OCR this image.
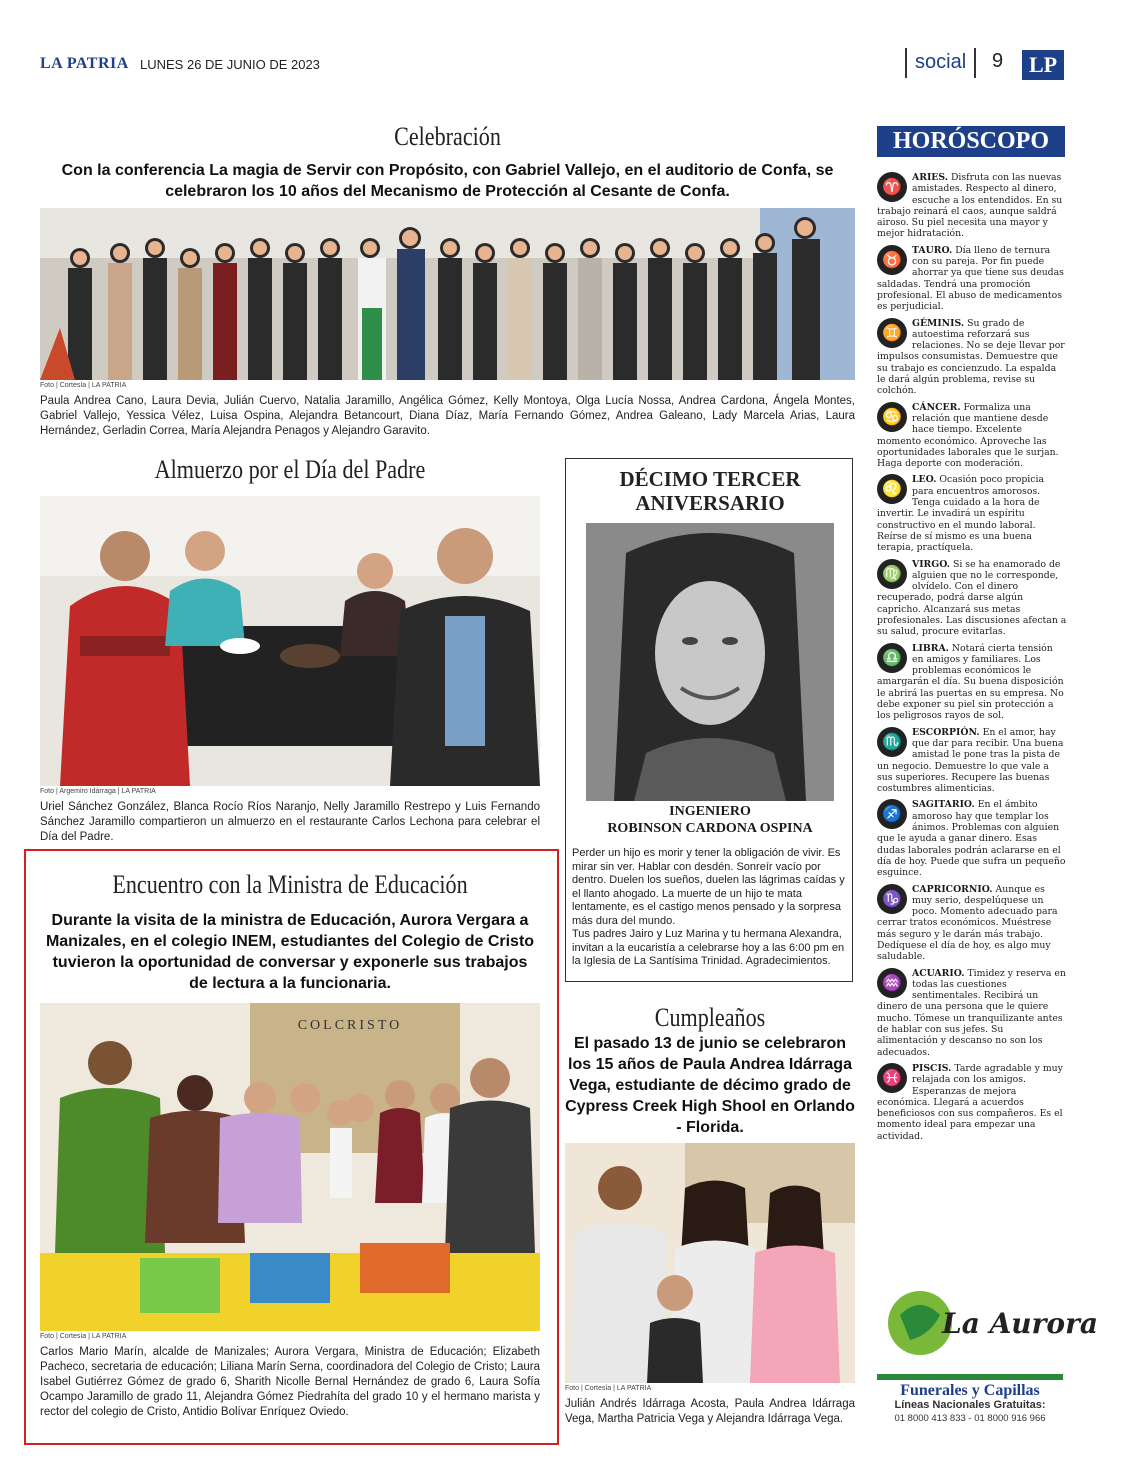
LA PATRIA LUNES 26 DE JUNIO DE 2023	social	9	LP
Celebración
Con la conferencia La magia de Servir con Propósito, con Gabriel Vallejo, en el auditorio de Confa, se celebraron los 10 años del Mecanismo de Protección al Cesante de Confa.
Foto | Cortesía | LA PATRIA
Paula Andrea Cano, Laura Devia, Julián Cuervo, Natalia Jaramillo, Angélica Gómez, Kelly Montoya, Olga Lucía Nossa, Andrea Cardona, Ángela Montes, Gabriel Vallejo, Yessica Vélez, Luisa Ospina, Alejandra Betancourt, Diana Díaz, María Fernando Gómez, Andrea Galeano, Lady Marcela Arias, Laura Hernández, Gerladin Correa, María Alejandra Penagos y Alejandro Garavito.
Almuerzo por el Día del Padre
Foto | Argemiro Idárraga | LA PATRIA
Uriel Sánchez González, Blanca Rocío Ríos Naranjo, Nelly Jaramillo Restrepo y Luis Fernando Sánchez Jaramillo compartieron un almuerzo en el restaurante Carlos Lechona para celebrar el Día del Padre.
Encuentro con la Ministra de Educación
Durante la visita de la ministra de Educación, Aurora Vergara a Manizales, en el colegio INEM, estudiantes del Colegio de Cristo tuvieron la oportunidad de conversar y exponerle sus trabajos de lectura a la funcionaria.
COLCRISTO
Foto | Cortesía | LA PATRIA
Carlos Mario Marín, alcalde de Manizales; Aurora Vergara, Ministra de Educación; Elizabeth Pacheco, secretaria de educación; Liliana Marín Serna, coordinadora del Colegio de Cristo; Laura Isabel Gutiérrez Gómez de grado 6, Sharith Nicolle Bernal Hernández de grado 6, Laura Sofía Ocampo Jaramillo de grado 11, Alejandra Gómez Piedrahíta del grado 10 y el hermano marista y rector del colegio de Cristo, Antidio Bolívar Enríquez Oviedo.
DÉCIMO TERCER ANIVERSARIO
INGENIERO
ROBINSON CARDONA OSPINA
Perder un hijo es morir y tener la obligación de vivir. Es mirar sin ver. Hablar con desdén. Sonreír vacío por dentro. Duelen los sueños, duelen las lágrimas caídas y el llanto ahogado. La muerte de un hijo te mata lentamente, es el castigo menos pensado y la sorpresa más dura del mundo.
Tus padres Jairo y Luz Marina y tu hermana Alexandra, invitan a la eucaristía a celebrarse hoy a las 6:00 pm en la Iglesia de La Santísima Trinidad. Agradecimientos.
Cumpleaños
El pasado 13 de junio se celebraron los 15 años de Paula Andrea Idárraga Vega, estudiante de décimo grado de Cypress Creek High Shool en Orlando - Florida.
Foto | Cortesía | LA PATRIA
Julián Andrés Idárraga Acosta, Paula Andrea Idárraga Vega, Martha Patricia Vega y Alejandra Idárraga Vega.
HORÓSCOPO
♈	ARIES. Disfruta con las nuevas amistades. Respecto al dinero, escuche a los entendidos. En su trabajo reinará el caos, aunque saldrá airoso. Su piel necesita una mayor y mejor hidratación.
♉	TAURO. Día lleno de ternura con su pareja. Por fin puede ahorrar ya que tiene sus deudas saldadas. Tendrá una promoción profesional. El abuso de medicamentos es perjudicial.
♊	GÉMINIS. Su grado de autoestima reforzará sus relaciones. No se deje llevar por impulsos consumistas. Demuestre que su trabajo es concienzudo. La espalda le dará algún problema, revise su colchón.
♋	CÁNCER. Formaliza una relación que mantiene desde hace tiempo. Excelente momento económico. Aproveche las oportunidades laborales que le surjan. Haga deporte con moderación.
♌	LEO. Ocasión poco propicia para encuentros amorosos. Tenga cuidado a la hora de invertir. Le invadirá un espíritu constructivo en el mundo laboral. Reírse de sí mismo es una buena terapia, practíquela.
♍	VIRGO. Si se ha enamorado de alguien que no le corresponde, olvídelo. Con el dinero recuperado, podrá darse algún capricho. Alcanzará sus metas profesionales. Las discusiones afectan a su salud, procure evitarlas.
♎	LIBRA. Notará cierta tensión en amigos y familiares. Los problemas económicos le amargarán el día. Su buena disposición le abrirá las puertas en su empresa. No debe exponer su piel sin protección a los peligrosos rayos de sol.
♏	ESCORPIÓN. En el amor, hay que dar para recibir. Una buena amistad le pone tras la pista de un negocio. Demuestre lo que vale a sus superiores. Recupere las buenas costumbres alimenticias.
♐	SAGITARIO. En el ámbito amoroso hay que templar los ánimos. Problemas con alguien que le ayuda a ganar dinero. Esas dudas laborales podrán aclararse en el día de hoy. Puede que sufra un pequeño esguince.
♑	CAPRICORNIO. Aunque es muy serio, despelúquese un poco. Momento adecuado para cerrar tratos económicos. Muéstrese más seguro y le darán más trabajo. Dedíquese el día de hoy, es algo muy saludable.
♒	ACUARIO. Timidez y reserva en todas las cuestiones sentimentales. Recibirá un dinero de una persona que le quiere mucho. Tómese un tranquilizante antes de hablar con sus jefes. Su alimentación y descanso no son los adecuados.
♓	PISCIS. Tarde agradable y muy relajada con los amigos. Esperanzas de mejora económica. Llegará a acuerdos beneficiosos con sus compañeros. Es el momento ideal para empezar una actividad.
La Aurora
Funerales y Capillas
Líneas Nacionales Gratuitas:
01 8000 413 833 - 01 8000 916 966
